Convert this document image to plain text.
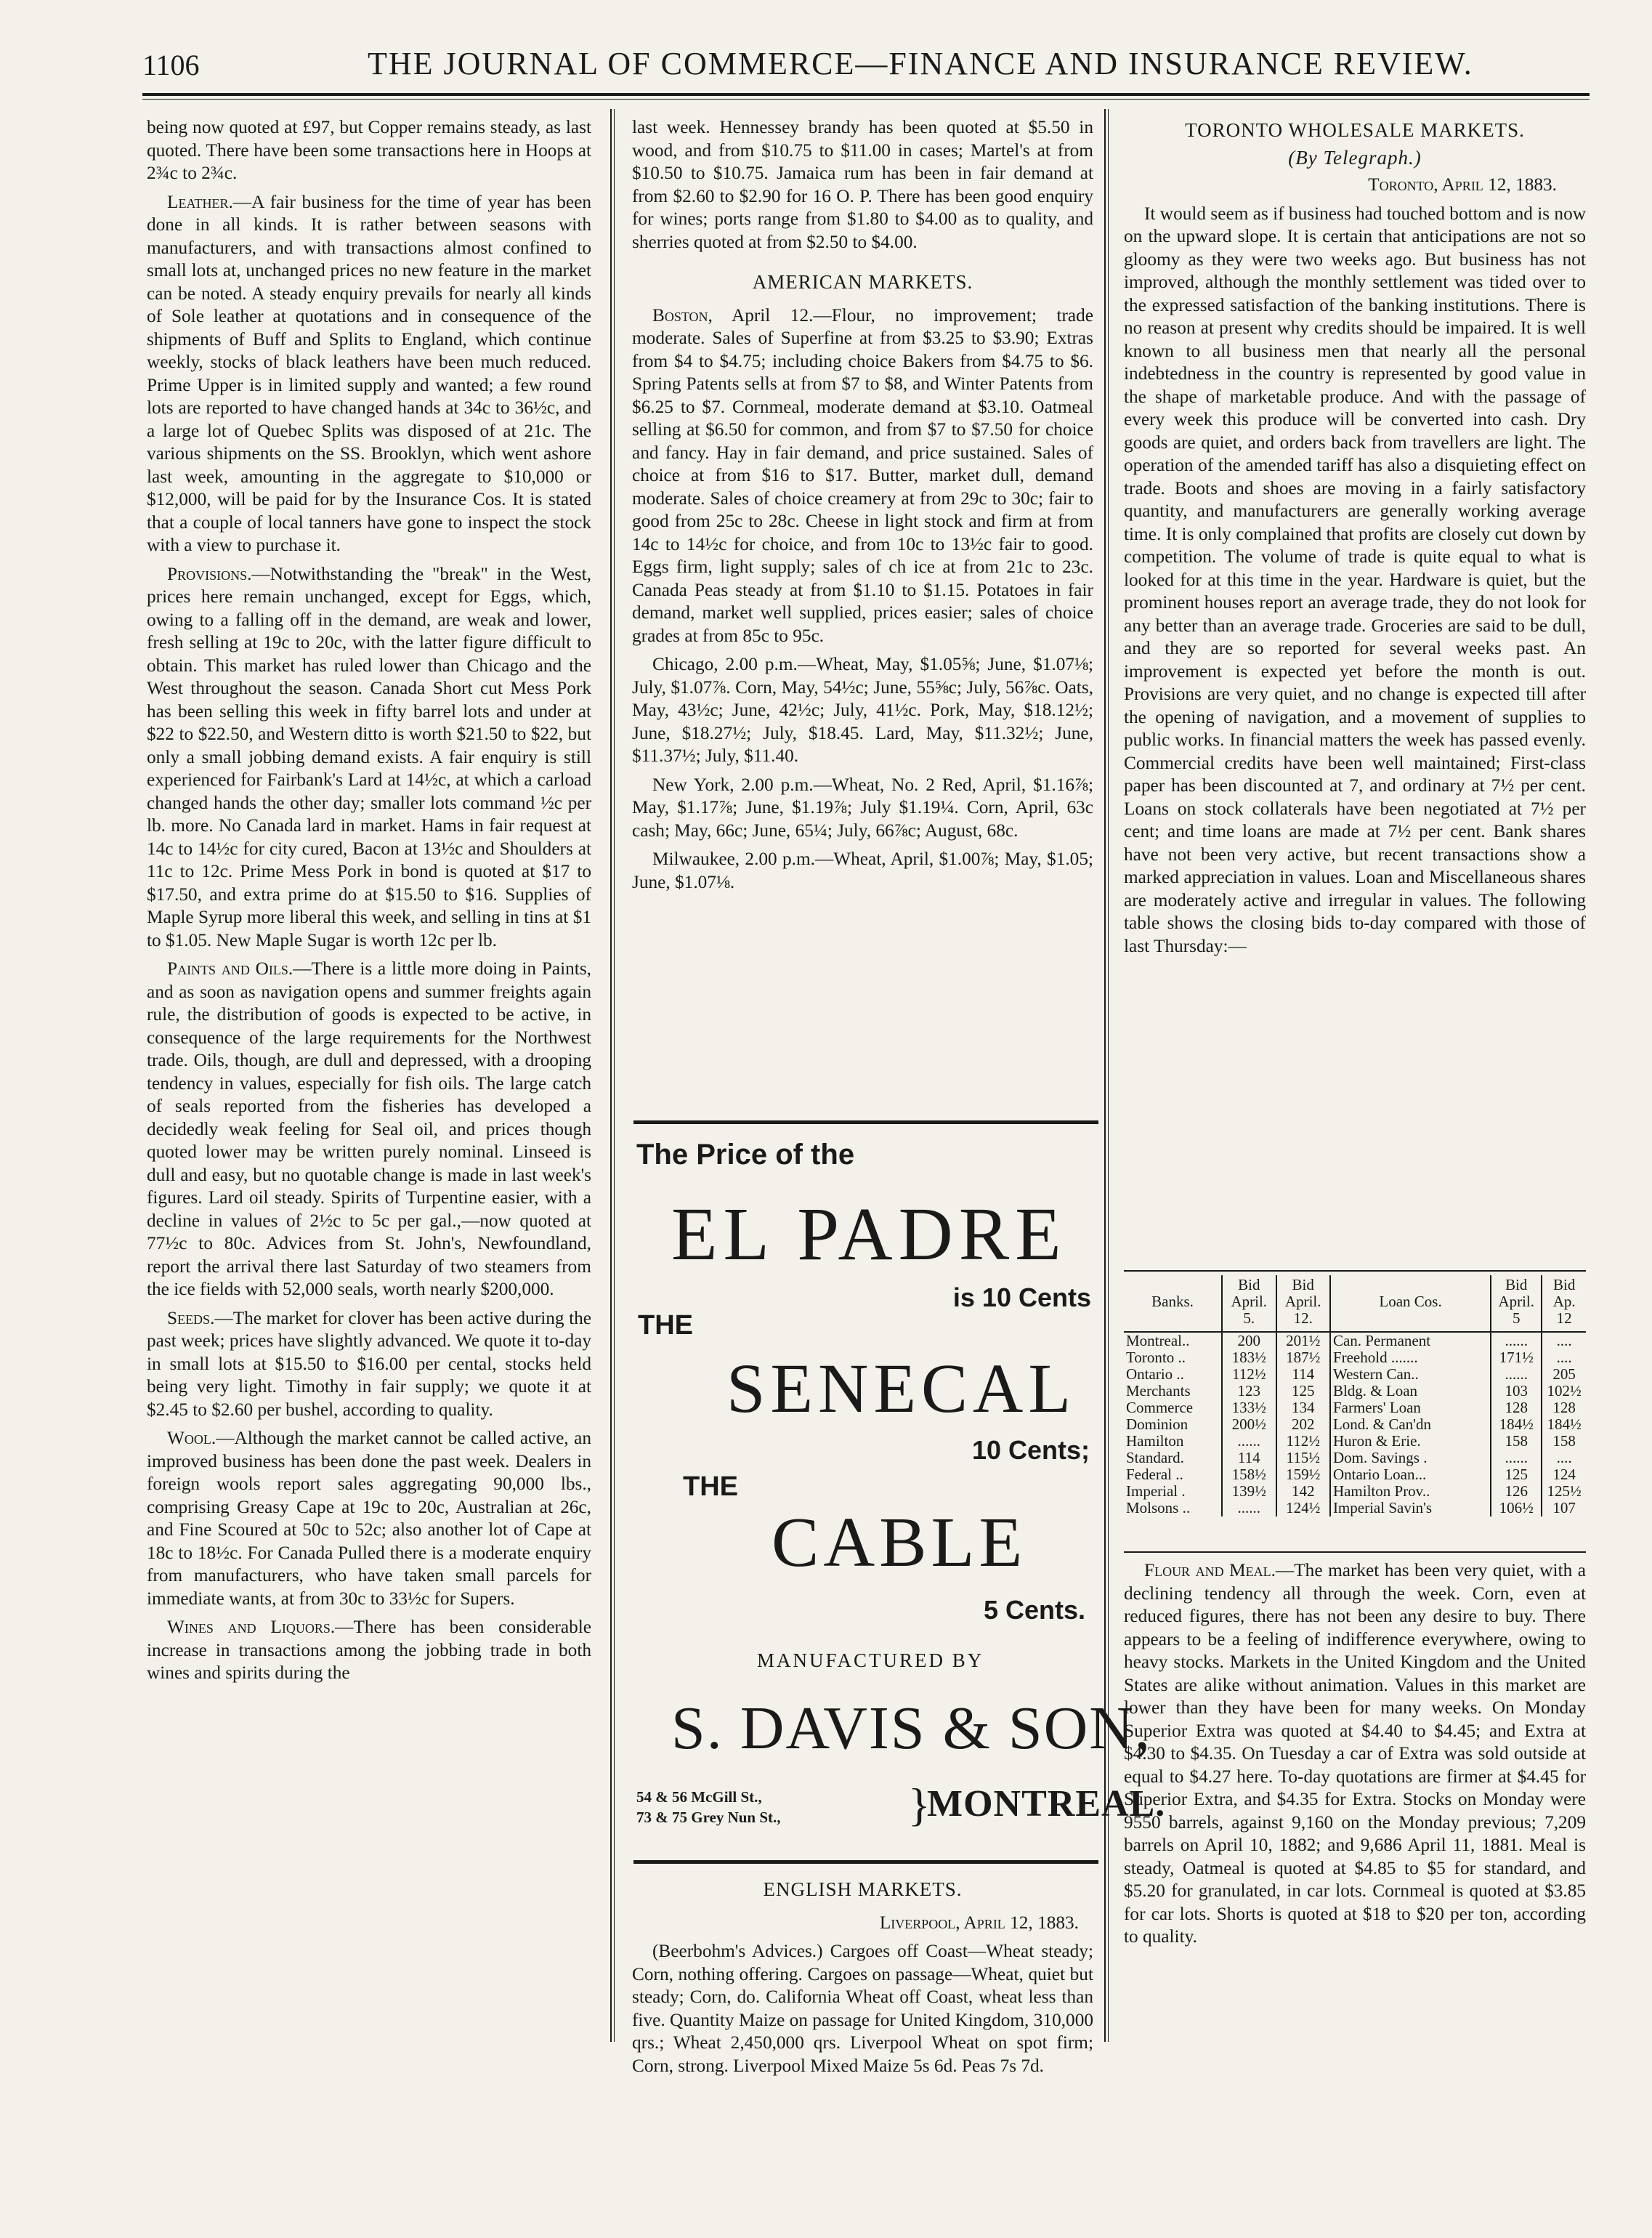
1106	THE JOURNAL OF COMMERCE—FINANCE AND INSURANCE REVIEW.

being now quoted at £97, but Copper remains steady, as last quoted. There have been some transactions here in Hoops at 2¾c to 2¾c.

Leather.—A fair business for the time of year has been done in all kinds. It is rather between seasons with manufacturers, and with transactions almost confined to small lots at, unchanged prices no new feature in the market can be noted. A steady enquiry prevails for nearly all kinds of Sole leather at quotations and in consequence of the shipments of Buff and Splits to England, which continue weekly, stocks of black leathers have been much reduced. Prime Upper is in limited supply and wanted; a few round lots are reported to have changed hands at 34c to 36½c, and a large lot of Quebec Splits was disposed of at 21c. The various shipments on the SS. Brooklyn, which went ashore last week, amounting in the aggregate to $10,000 or $12,000, will be paid for by the Insurance Cos. It is stated that a couple of local tanners have gone to inspect the stock with a view to purchase it.

Provisions.—Notwithstanding the "break" in the West, prices here remain unchanged, except for Eggs, which, owing to a falling off in the demand, are weak and lower, fresh selling at 19c to 20c, with the latter figure difficult to obtain. This market has ruled lower than Chicago and the West throughout the season. Canada Short cut Mess Pork has been selling this week in fifty barrel lots and under at $22 to $22.50, and Western ditto is worth $21.50 to $22, but only a small jobbing demand exists. A fair enquiry is still experienced for Fairbank's Lard at 14½c, at which a carload changed hands the other day; smaller lots command ½c per lb. more. No Canada lard in market. Hams in fair request at 14c to 14½c for city cured, Bacon at 13½c and Shoulders at 11c to 12c. Prime Mess Pork in bond is quoted at $17 to $17.50, and extra prime do at $15.50 to $16. Supplies of Maple Syrup more liberal this week, and selling in tins at $1 to $1.05. New Maple Sugar is worth 12c per lb.

Paints and Oils.—There is a little more doing in Paints, and as soon as navigation opens and summer freights again rule, the distribution of goods is expected to be active, in consequence of the large requirements for the Northwest trade. Oils, though, are dull and depressed, with a drooping tendency in values, especially for fish oils. The large catch of seals reported from the fisheries has developed a decidedly weak feeling for Seal oil, and prices though quoted lower may be written purely nominal. Linseed is dull and easy, but no quotable change is made in last week's figures. Lard oil steady. Spirits of Turpentine easier, with a decline in values of 2½c to 5c per gal.,—now quoted at 77½c to 80c. Advices from St. John's, Newfoundland, report the arrival there last Saturday of two steamers from the ice fields with 52,000 seals, worth nearly $200,000.

Seeds.—The market for clover has been active during the past week; prices have slightly advanced. We quote it to-day in small lots at $15.50 to $16.00 per cental, stocks held being very light. Timothy in fair supply; we quote it at $2.45 to $2.60 per bushel, according to quality.

Wool.—Although the market cannot be called active, an improved business has been done the past week. Dealers in foreign wools report sales aggregating 90,000 lbs., comprising Greasy Cape at 19c to 20c, Australian at 26c, and Fine Scoured at 50c to 52c; also another lot of Cape at 18c to 18½c. For Canada Pulled there is a moderate enquiry from manufacturers, who have taken small parcels for immediate wants, at from 30c to 33½c for Supers.

Wines and Liquors.—There has been considerable increase in transactions among the jobbing trade in both wines and spirits during the

last week. Hennessey brandy has been quoted at $5.50 in wood, and from $10.75 to $11.00 in cases; Martel's at from $10.50 to $10.75. Jamaica rum has been in fair demand at from $2.60 to $2.90 for 16 O. P. There has been good enquiry for wines; ports range from $1.80 to $4.00 as to quality, and sherries quoted at from $2.50 to $4.00.

AMERICAN MARKETS.

Boston, April 12.—Flour, no improvement; trade moderate. Sales of Superfine at from $3.25 to $3.90; Extras from $4 to $4.75; including choice Bakers from $4.75 to $6. Spring Patents sells at from $7 to $8, and Winter Patents from $6.25 to $7. Cornmeal, moderate demand at $3.10. Oatmeal selling at $6.50 for common, and from $7 to $7.50 for choice and fancy. Hay in fair demand, and price sustained. Sales of choice at from $16 to $17. Butter, market dull, demand moderate. Sales of choice creamery at from 29c to 30c; fair to good from 25c to 28c. Cheese in light stock and firm at from 14c to 14½c for choice, and from 10c to 13½c fair to good. Eggs firm, light supply; sales of ch ice at from 21c to 23c. Canada Peas steady at from $1.10 to $1.15. Potatoes in fair demand, market well supplied, prices easier; sales of choice grades at from 85c to 95c.

Chicago, 2.00 p.m.—Wheat, May, $1.05⅝; June, $1.07⅛; July, $1.07⅞. Corn, May, 54½c; June, 55⅝c; July, 56⅞c. Oats, May, 43½c; June, 42½c; July, 41½c. Pork, May, $18.12½; June, $18.27½; July, $18.45. Lard, May, $11.32½; June, $11.37½; July, $11.40.

New York, 2.00 p.m.—Wheat, No. 2 Red, April, $1.16⅞; May, $1.17⅞; June, $1.19⅞; July $1.19¼. Corn, April, 63c cash; May, 66c; June, 65¼; July, 66⅞c; August, 68c.

Milwaukee, 2.00 p.m.—Wheat, April, $1.00⅞; May, $1.05; June, $1.07⅛.

The Price of the
EL PADRE
is 10 Cents
THE
SENECAL
10 Cents;
THE
CABLE
5 Cents.
MANUFACTURED BY
S. DAVIS & SON,
54 & 56 McGill St.,
73 & 75 Grey Nun St.,	}
MONTREAL.
ENGLISH MARKETS.

Liverpool, April 12, 1883.

(Beerbohm's Advices.) Cargoes off Coast—Wheat steady; Corn, nothing offering. Cargoes on passage—Wheat, quiet but steady; Corn, do. California Wheat off Coast, wheat less than five. Quantity Maize on passage for United Kingdom, 310,000 qrs.; Wheat 2,450,000 qrs. Liverpool Wheat on spot firm; Corn, strong. Liverpool Mixed Maize 5s 6d. Peas 7s 7d.

TORONTO WHOLESALE MARKETS.
(By Telegraph.)

Toronto, April 12, 1883.

It would seem as if business had touched bottom and is now on the upward slope. It is certain that anticipations are not so gloomy as they were two weeks ago. But business has not improved, although the monthly settlement was tided over to the expressed satisfaction of the banking institutions. There is no reason at present why credits should be impaired. It is well known to all business men that nearly all the personal indebtedness in the country is represented by good value in the shape of marketable produce. And with the passage of every week this produce will be converted into cash. Dry goods are quiet, and orders back from travellers are light. The operation of the amended tariff has also a disquieting effect on trade. Boots and shoes are moving in a fairly satisfactory quantity, and manufacturers are generally working average time. It is only complained that profits are closely cut down by competition. The volume of trade is quite equal to what is looked for at this time in the year. Hardware is quiet, but the prominent houses report an average trade, they do not look for any better than an average trade. Groceries are said to be dull, and they are so reported for several weeks past. An improvement is expected yet before the month is out. Provisions are very quiet, and no change is expected till after the opening of navigation, and a movement of supplies to public works. In financial matters the week has passed evenly. Commercial credits have been well maintained; First-class paper has been discounted at 7, and ordinary at 7½ per cent. Loans on stock collaterals have been negotiated at 7½ per cent; and time loans are made at 7½ per cent. Bank shares have not been very active, but recent transactions show a marked appreciation in values. Loan and Miscellaneous shares are moderately active and irregular in values. The following table shows the closing bids to-day compared with those of last Thursday:—

Banks.	Bid April. 5.	Bid April. 12.	Loan Cos.	Bid April. 5	Bid Ap. 12
Montreal..	200	201½	Can. Permanent	......	....
Toronto ..	183½	187½	Freehold .......	171½	....
Ontario ..	112½	114	Western Can..	......	205
Merchants	123	125	Bldg. & Loan	103	102½
Commerce	133½	134	Farmers' Loan	128	128
Dominion	200½	202	Lond. & Can'dn	184½	184½
Hamilton	......	112½	Huron & Erie.	158	158
Standard.	114	115½	Dom. Savings .	......	....
Federal ..	158½	159½	Ontario Loan...	125	124
Imperial .	139½	142	Hamilton Prov..	126	125½
Molsons ..	......	124½	Imperial Savin's	106½	107

Flour and Meal.—The market has been very quiet, with a declining tendency all through the week. Corn, even at reduced figures, there has not been any desire to buy. There appears to be a feeling of indifference everywhere, owing to heavy stocks. Markets in the United Kingdom and the United States are alike without animation. Values in this market are lower than they have been for many weeks. On Monday Superior Extra was quoted at $4.40 to $4.45; and Extra at $4.30 to $4.35. On Tuesday a car of Extra was sold outside at equal to $4.27 here. To-day quotations are firmer at $4.45 for Superior Extra, and $4.35 for Extra. Stocks on Monday were 9550 barrels, against 9,160 on the Monday previous; 7,209 barrels on April 10, 1882; and 9,686 April 11, 1881. Meal is steady, Oatmeal is quoted at $4.85 to $5 for standard, and $5.20 for granulated, in car lots. Cornmeal is quoted at $3.85 for car lots. Shorts is quoted at $18 to $20 per ton, according to quality.
